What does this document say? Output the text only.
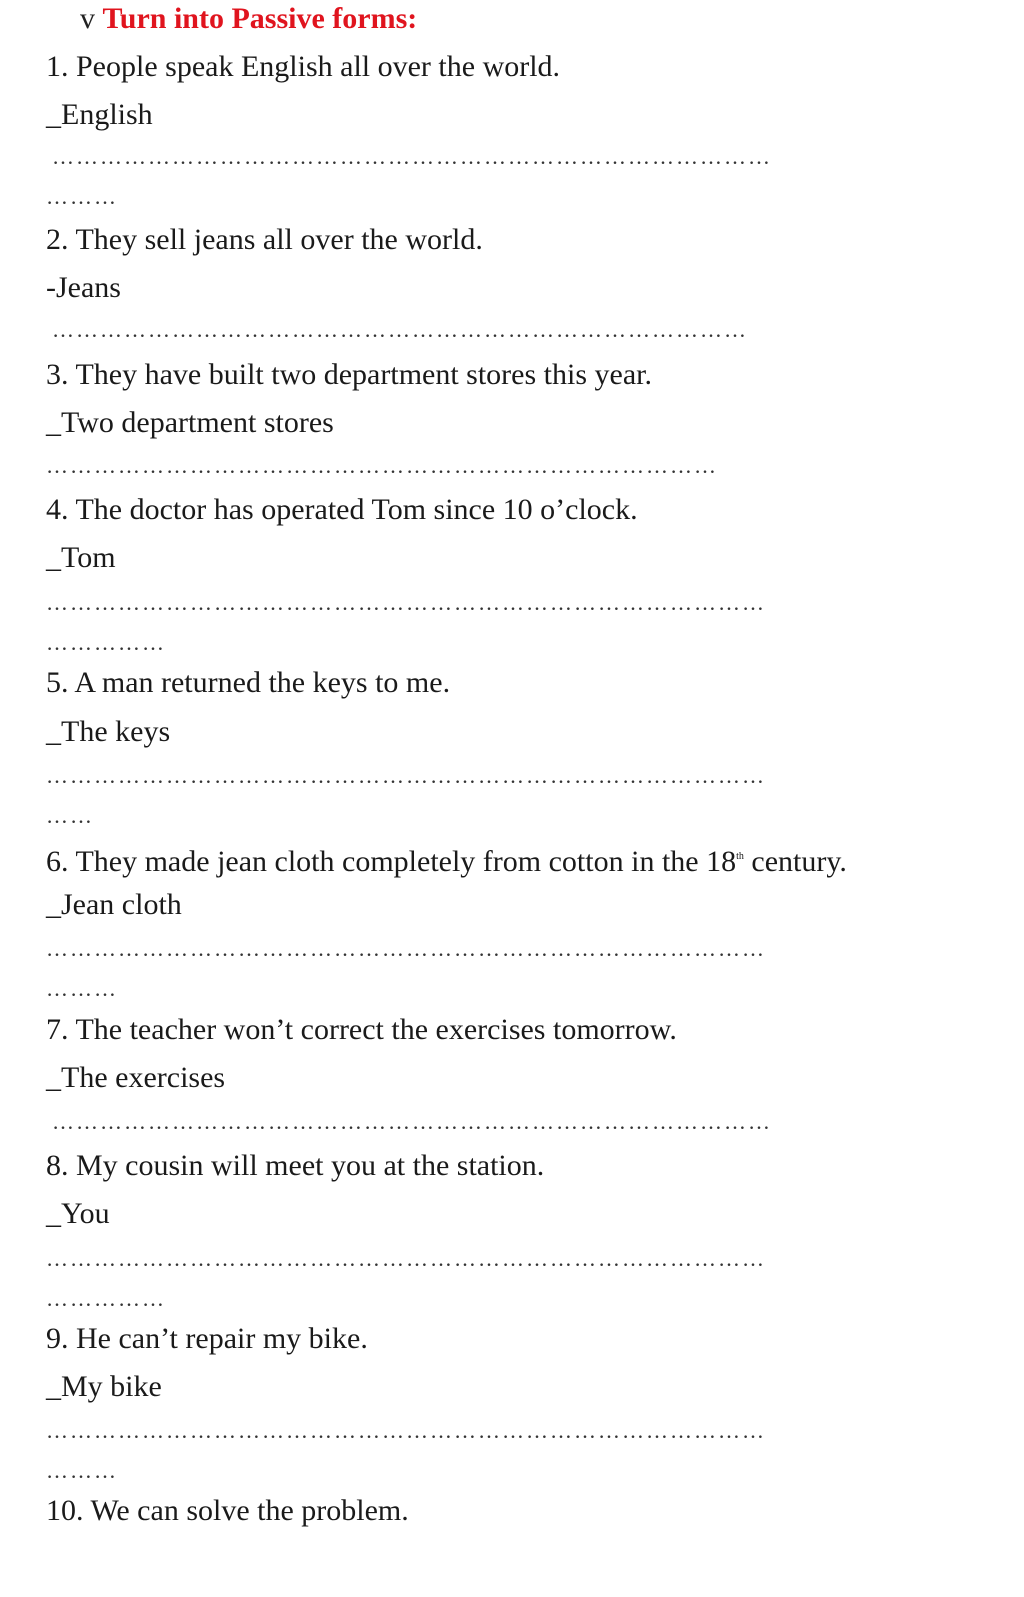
v Turn into Passive forms:
1. People speak English all over the world.
_English
………………………………………………………………………………
………
2. They sell jeans all over the world.
-Jeans
……………………………………………………………………………
3. They have built two department stores this year.
_Two department stores
…………………………………………………………………………
4. The doctor has operated Tom since 10 o’clock.
_Tom
………………………………………………………………………………
……………
5. A man returned the keys to me.
_The keys
………………………………………………………………………………
……
6. They made jean cloth completely from cotton in the 18th century.
_Jean cloth
………………………………………………………………………………
………
7. The teacher won’t correct the exercises tomorrow.
_The exercises
………………………………………………………………………………
8. My cousin will meet you at the station.
_You
………………………………………………………………………………
……………
9. He can’t repair my bike.
_My bike
………………………………………………………………………………
………
10. We can solve the problem.
